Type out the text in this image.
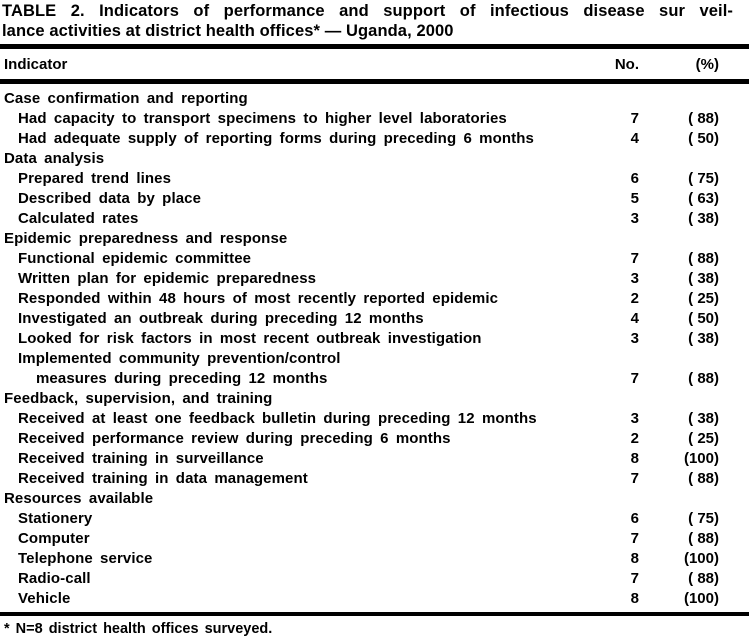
TABLE 2. Indicators of performance and support of infectious disease sur veil-
lance activities at district health offices* — Uganda, 2000
Indicator	No.	(%)
Case confirmation and reporting
Had capacity to transport specimens to higher level laboratories	7	( 88)
Had adequate supply of reporting forms during preceding 6 months	4	( 50)
Data analysis
Prepared trend lines	6	( 75)
Described data by place	5	( 63)
Calculated rates	3	( 38)
Epidemic preparedness and response
Functional epidemic committee	7	( 88)
Written plan for epidemic preparedness	3	( 38)
Responded within 48 hours of most recently reported epidemic	2	( 25)
Investigated an outbreak during preceding 12 months	4	( 50)
Looked for risk factors in most recent outbreak investigation	3	( 38)
Implemented community prevention/control
measures during preceding 12 months	7	( 88)
Feedback, supervision, and training
Received at least one feedback bulletin during preceding 12 months	3	( 38)
Received performance review during preceding 6 months	2	( 25)
Received training in surveillance	8	(100)
Received training in data management	7	( 88)
Resources available
Stationery	6	( 75)
Computer	7	( 88)
Telephone service	8	(100)
Radio-call	7	( 88)
Vehicle	8	(100)
* N=8 district health offices surveyed.
